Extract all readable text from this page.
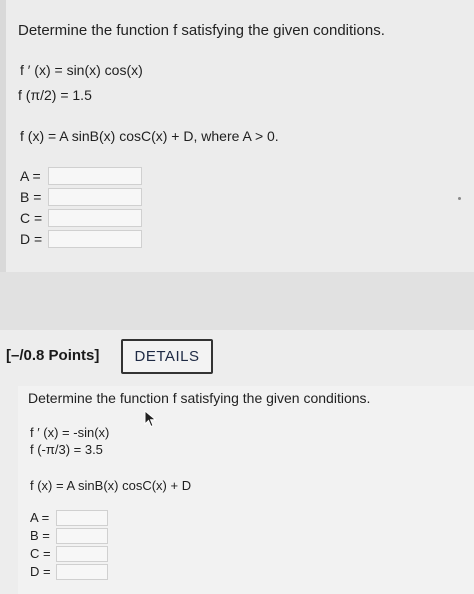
Determine the function f satisfying the given conditions.
f ′ (x) = sin(x) cos(x)
f (π/2) = 1.5
f (x) = A sinB(x) cosC(x) + D, where A > 0.
A =
B =
C =
D =
[–/0.8 Points]	DETAILS
Determine the function f satisfying the given conditions.
f ′ (x) = -sin(x)
f (-π/3) = 3.5
f (x) = A sinB(x) cosC(x) + D
A =
B =
C =
D =
